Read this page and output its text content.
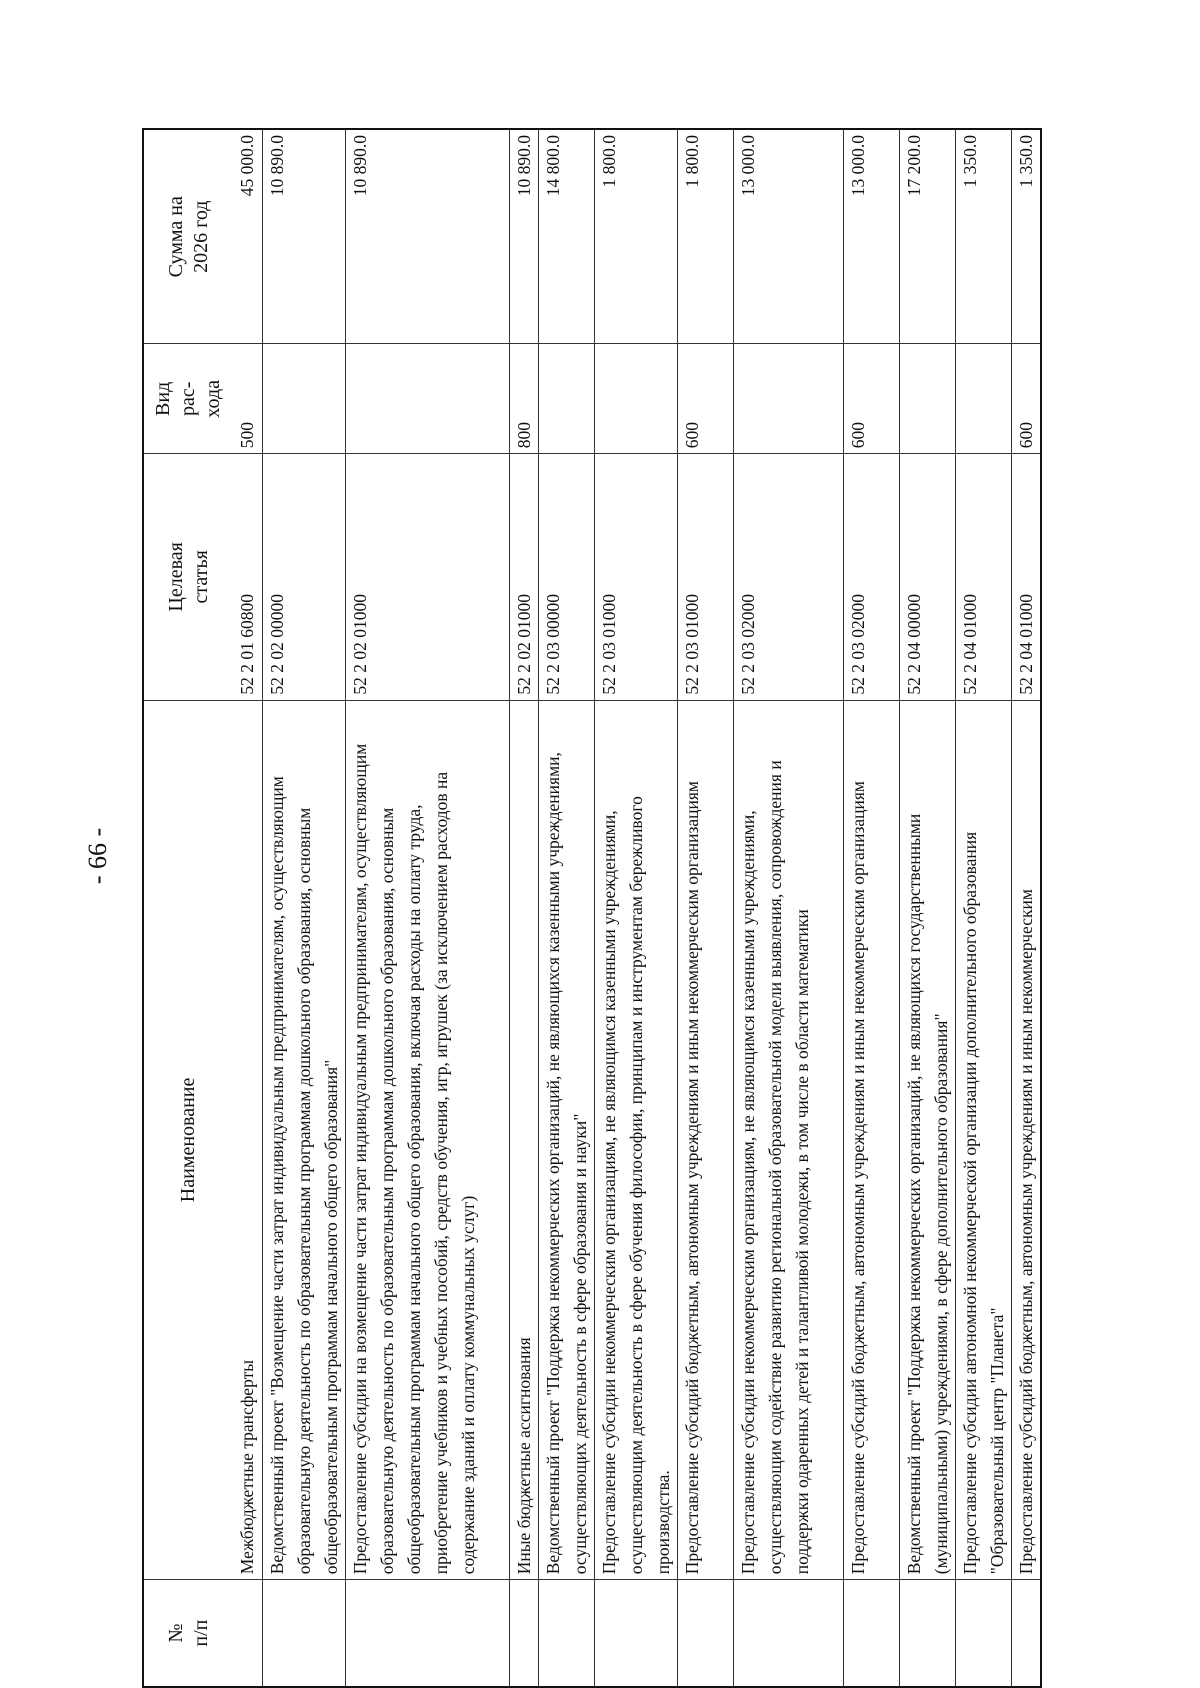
- 66 -
№
п/п
Наименование
Целевая
статья
Вид
рас-
хода
Сумма на
2026 год
Межбюджетные трансферты
52 2 01 60800
500
45 000.0
Ведомственный проект "Возмещение части затрат индивидуальным предпринимателям, осуществляющим образовательную деятельность по образовательным программам дошкольного образования, основным общеобразовательным программам начального общего образования"
52 2 02 00000
10 890.0
Предоставление субсидии на возмещение части затрат индивидуальным предпринимателям, осуществляющим образовательную деятельность по образовательным программам дошкольного образования, основным общеобразовательным программам начального общего образования, включая расходы на оплату труда, приобретение учебников и учебных пособий, средств обучения, игр, игрушек (за исключением расходов на содержание зданий и оплату коммунальных услуг)
52 2 02 01000
10 890.0
Иные бюджетные ассигнования
52 2 02 01000
800
10 890.0
Ведомственный проект "Поддержка некоммерческих организаций, не являющихся казенными учреждениями, осуществляющих деятельность в сфере образования и науки"
52 2 03 00000
14 800.0
Предоставление субсидии некоммерческим организациям, не являющимся казенными учреждениями, осуществляющим деятельность в сфере обучения философии, принципам и инструментам бережливого производства.
52 2 03 01000
1 800.0
Предоставление субсидий бюджетным, автономным учреждениям и иным некоммерческим организациям
52 2 03 01000
600
1 800.0
Предоставление субсидии некоммерческим организациям, не являющимся казенными учреждениями, осуществляющим содействие развитию региональной образовательной модели выявления, сопровождения и поддержки одаренных детей и талантливой молодежи, в том числе в области математики
52 2 03 02000
13 000.0
Предоставление субсидий бюджетным, автономным учреждениям и иным некоммерческим организациям
52 2 03 02000
600
13 000.0
Ведомственный проект "Поддержка некоммерческих организаций, не являющихся государственными (муниципальными) учреждениями, в сфере дополнительного образования"
52 2 04 00000
17 200.0
Предоставление субсидии автономной некоммерческой организации дополнительного образования "Образовательный центр "Планета"
52 2 04 01000
1 350.0
Предоставление субсидий бюджетным, автономным учреждениям и иным некоммерческим
52 2 04 01000
600
1 350.0
